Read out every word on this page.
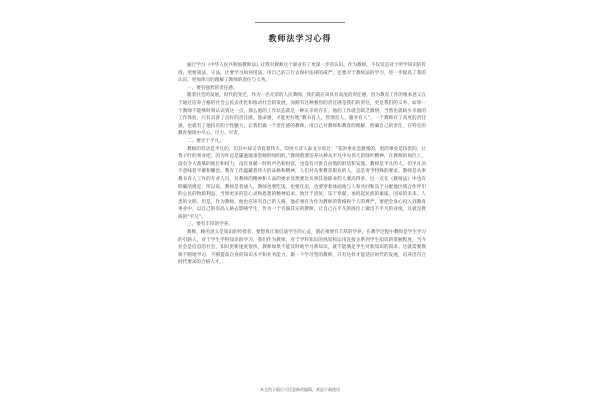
教师法学习心得

通过学习《中华人民共和国教师法》让我对教师这个职业有了更深一步的认识。作为教师，不仅仅是对于所学知识的传授，更要知法、守法，让要学习如何用法，用自己的言行去保护法律的威严，还要对于教师法的学习，进一步提高了我的认识，更加体尽的理解了教师的责任与义务。

一、要有强烈的责任感。

随着社会的发展，时代的变迁，作为一名光荣的人民教师，我们就应该具有高度的责任感，因为教育工作的根本意义在于通过培养合格的社会公民去优化和推动社会的发展，而拥有这种强烈的责任感是我们的责任，更是我们的义务，如果一个教师不能够时刻认识到这一点，那么他的工作状态就是一种庆幸的存在，他的工作就会缺乏激情，当然也就缺少幸福的工作体验，只有具备了良好的责任感，使命感，才能更好地“教书育人、管理育人、服务育人”。一个教师有了高度的责任感，也就有了他持有的个性魅力，让我们做一个责任感的教师，用自己对教师和教育的理解，明确自己的责任，在特定的教育情境中尽心、尽力、尽责。

二、要甘于平凡。

教师的劳动是平凡的，但其中却又孕育着伟大。印度大诗人泰戈尔说过：“花的事业是甜蜜的，果的事业是珍贵的，让我干叶的事业吧，因为叶总是谦逊地垂着她的绿阴的。”教师就要培养这种从平凡中见伟大的绿叶精神，在教师的岗位上，没有令人羡慕的地位和权力，没有显赫一时的声名和财富，也没有可供自由地的舒适和安逸。教师是平凡的人，但平凡决不意味着平庸和懈怠。教育工作蕴藏着伟大的品格和精神，人们对从事教育职业的人，总是寄予特殊的要求。教师是从事教书育人工作的专业人员，对教师的精神和人品的要求显然要比从事其他职业的人要高得多，这一点在《教师法》中也有明确的规定，所以说，教师是普通人，教师也要吃饭，也要住房，也要穿着体面地与人和共同和乐于分配地区域合作伴们的公民的物质利益，当然更多的是心灵和思想的精神追求。他甘于清贫，乐于奉献，承担起民族的素质、国家的未来、人类的文明。但是，作为教师，他也应该有自己的人格，他必须有为作为教师的资格和个人的尊严，要把全身心投入到教育事业中，以自己的崇高人格去影响学生，作为一个名副其实的教师，让自己在平凡的岗位上做出不平凡的业绩，这就是教师的“平凡”。

三、要有丰厚的学养。

教师，顾名思义是知识的传授者，要想真正地启迪学生的心灵，就必须要有丰厚的学养，在教学过程中教师是学生学习的引路人，对于学生学科知识的学习，我们作为教师，对于学科知识的熟知和运用直接关系到学生知识的掌握程度，当今社会是信息的社会，知识更新速度很快，教师如果不能及时地学习新知识，就不能满足学生对新知识的渴求。这就需要教师不断地学习，不断提高自身的知识水平和业务能力，做一个学习型的教师，只有这样才能适应时代的发展，培养出符合时代要求的合格人才。

本文档下载后可任意修改编辑，欢迎下载使用
